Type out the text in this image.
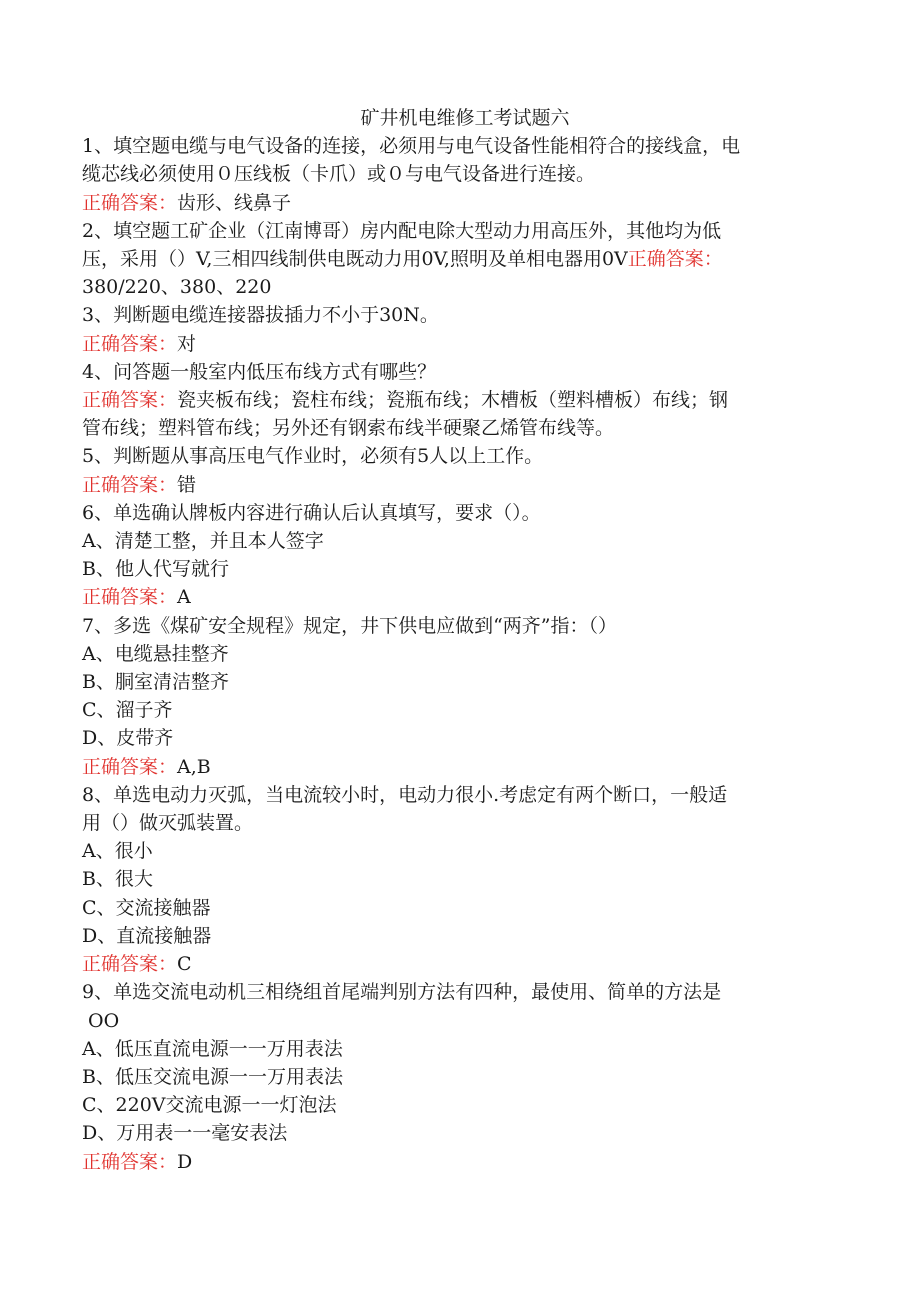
矿井机电维修工考试题六
1、填空题电缆与电气设备的连接，必须用与电气设备性能相符合的接线盒，电
缆芯线必须使用０压线板（卡爪）或０与电气设备进行连接。
正确答案：齿形、线鼻子
2、填空题工矿企业（江南博哥）房内配电除大型动力用高压外，其他均为低
压，采用（）V,三相四线制供电既动力用0V,照明及单相电器用0V正确答案：
380/220、380、220
3、判断题电缆连接器拔插力不小于30N。
正确答案：对
4、问答题一般室内低压布线方式有哪些？
正确答案：瓷夹板布线；瓷柱布线；瓷瓶布线；木槽板（塑料槽板）布线；钢
管布线；塑料管布线；另外还有钢索布线半硬聚乙烯管布线等。
5、判断题从事高压电气作业时，必须有5人以上工作。
正确答案：错
6、单选确认牌板内容进行确认后认真填写，要求（）。
A、清楚工整，并且本人签字
B、他人代写就行
正确答案：A
7、多选《煤矿安全规程》规定，井下供电应做到“两齐”指：（）
A、电缆悬挂整齐
B、胴室清洁整齐
C、溜子齐
D、皮带齐
正确答案：A,B
8、单选电动力灭弧，当电流较小时，电动力很小.考虑定有两个断口，一般适
用（）做灭弧装置。
A、很小
B、很大
C、交流接触器
D、直流接触器
正确答案：C
9、单选交流电动机三相绕组首尾端判别方法有四种，最使用、简单的方法是
OO
A、低压直流电源一一万用表法
B、低压交流电源一一万用表法
C、220V交流电源一一灯泡法
D、万用表一一毫安表法
正确答案：D
